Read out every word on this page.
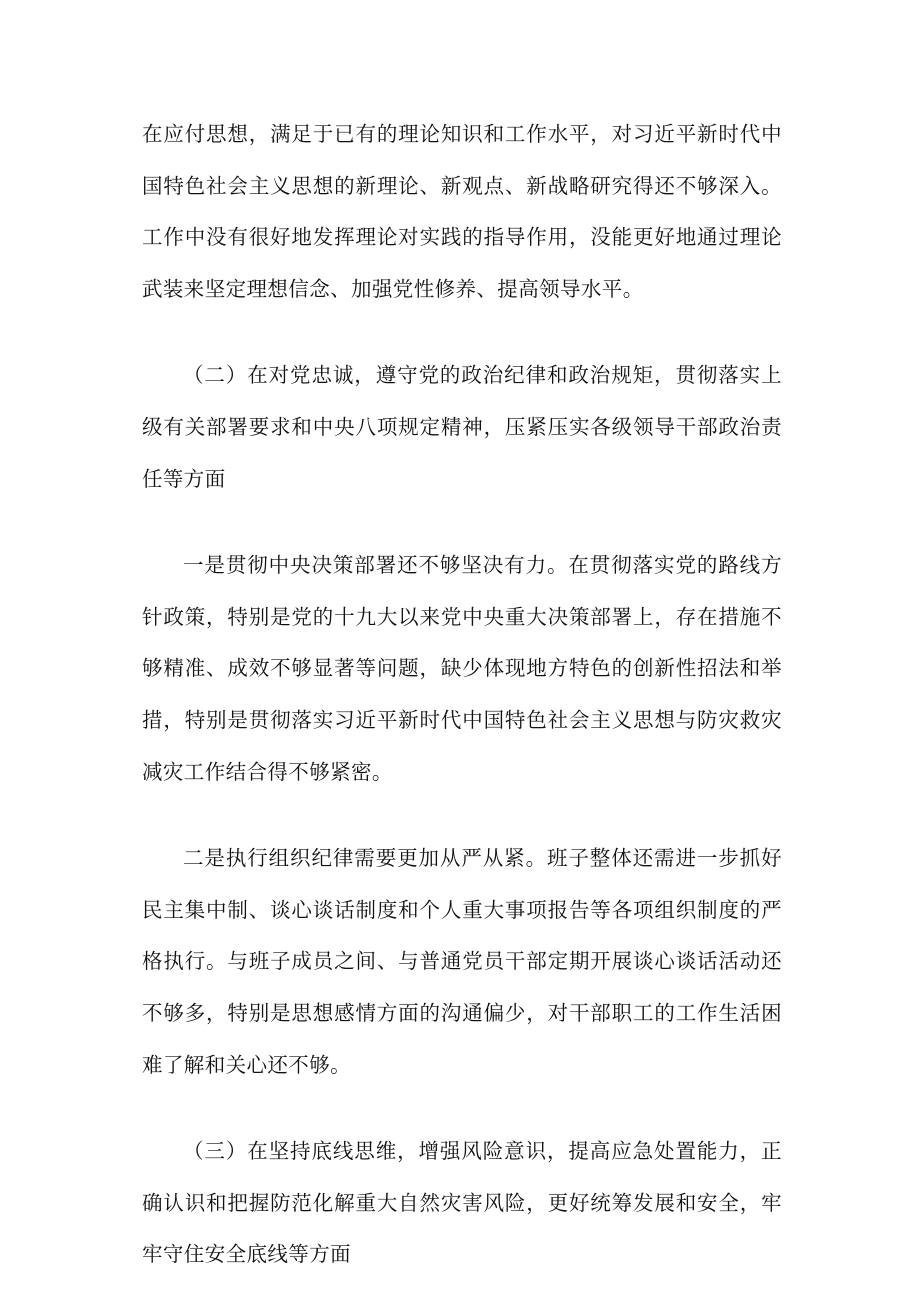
在应付思想，满足于已有的理论知识和工作水平，对习近平新时代中国特色社会主义思想的新理论、新观点、新战略研究得还不够深入。工作中没有很好地发挥理论对实践的指导作用，没能更好地通过理论武装来坚定理想信念、加强党性修养、提高领导水平。

（二）在对党忠诚，遵守党的政治纪律和政治规矩，贯彻落实上级有关部署要求和中央八项规定精神，压紧压实各级领导干部政治责任等方面

一是贯彻中央决策部署还不够坚决有力。在贯彻落实党的路线方针政策，特别是党的十九大以来党中央重大决策部署上，存在措施不够精准、成效不够显著等问题，缺少体现地方特色的创新性招法和举措，特别是贯彻落实习近平新时代中国特色社会主义思想与防灾救灾减灾工作结合得不够紧密。

二是执行组织纪律需要更加从严从紧。班子整体还需进一步抓好民主集中制、谈心谈话制度和个人重大事项报告等各项组织制度的严格执行。与班子成员之间、与普通党员干部定期开展谈心谈话活动还不够多，特别是思想感情方面的沟通偏少，对干部职工的工作生活困难了解和关心还不够。

（三）在坚持底线思维，增强风险意识，提高应急处置能力，正确认识和把握防范化解重大自然灾害风险，更好统筹发展和安全，牢牢守住安全底线等方面
